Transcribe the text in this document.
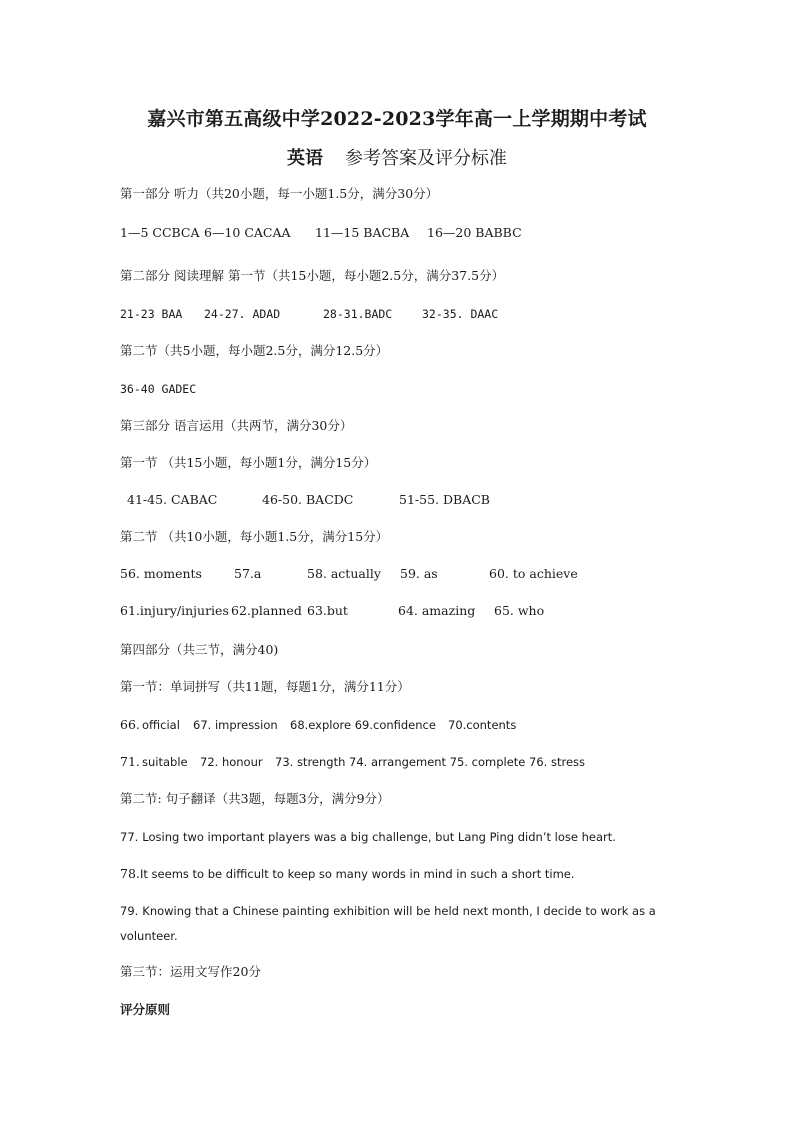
嘉兴市第五高级中学2022-2023学年高一上学期期中考试
英语 参考答案及评分标准
第一部分 听力（共20小题，每一小题1.5分，满分30分）
1—5 CCBCA 6—10 CACAA 11—15 BACBA 16—20 BABBC
第二部分 阅读理解 第一节（共15小题，每小题2.5分，满分37.5分）
21-23 BAA 24-27. ADAD	28-31.BADC	32-35. DAAC
第二节（共5小题，每小题2.5分，满分12.5分）
36-40 GADEC
第三部分 语言运用（共两节，满分30分）
第一节 （共15小题，每小题1分，满分15分）
41-45. CABAC	46-50. BACDC	51-55. DBACB
第二节 （共10小题，每小题1.5分，满分15分）
56. moments	57.a	58. actually 59. as	60. to achieve
61.injury/injuries 62.planned 63.but	64. amazing 65. who
第四部分（共三节，满分40)
第一节：单词拼写（共11题，每题1分，满分11分）
66. official 67. impression 68.explore 69.confidence 70.contents
71. suitable 72. honour 73. strength 74. arrangement 75. complete 76. stress
第二节: 句子翻译（共3题，每题3分，满分9分）
77. Losing two important players was a big challenge, but Lang Ping didn’t lose heart.
78.It seems to be difficult to keep so many words in mind in such a short time.
79. Knowing that a Chinese painting exhibition will be held next month, I decide to work as a
volunteer.
第三节：运用文写作20分
评分原则
